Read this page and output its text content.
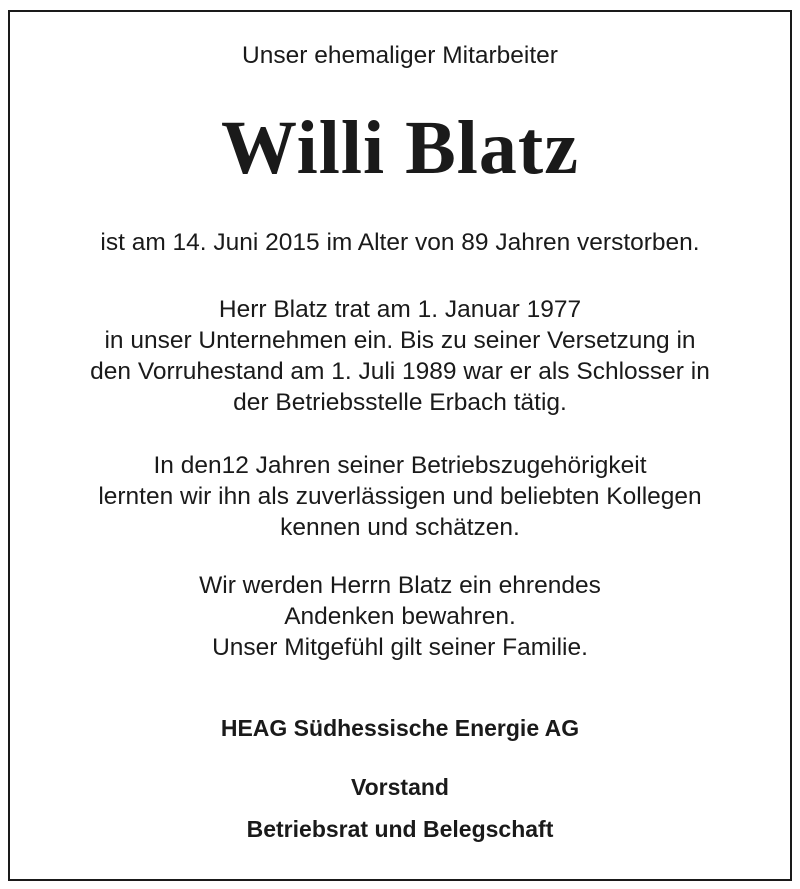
Unser ehemaliger Mitarbeiter
Willi Blatz
ist am 14. Juni 2015 im Alter von 89 Jahren verstorben.
Herr Blatz trat am 1. Januar 1977
in unser Unternehmen ein. Bis zu seiner Versetzung in
den Vorruhestand am 1. Juli 1989 war er als Schlosser in
der Betriebsstelle Erbach tätig.
In den12 Jahren seiner Betriebszugehörigkeit
lernten wir ihn als zuverlässigen und beliebten Kollegen
kennen und schätzen.
Wir werden Herrn Blatz ein ehrendes
Andenken bewahren.
Unser Mitgefühl gilt seiner Familie.
HEAG Südhessische Energie AG
Vorstand
Betriebsrat und Belegschaft
